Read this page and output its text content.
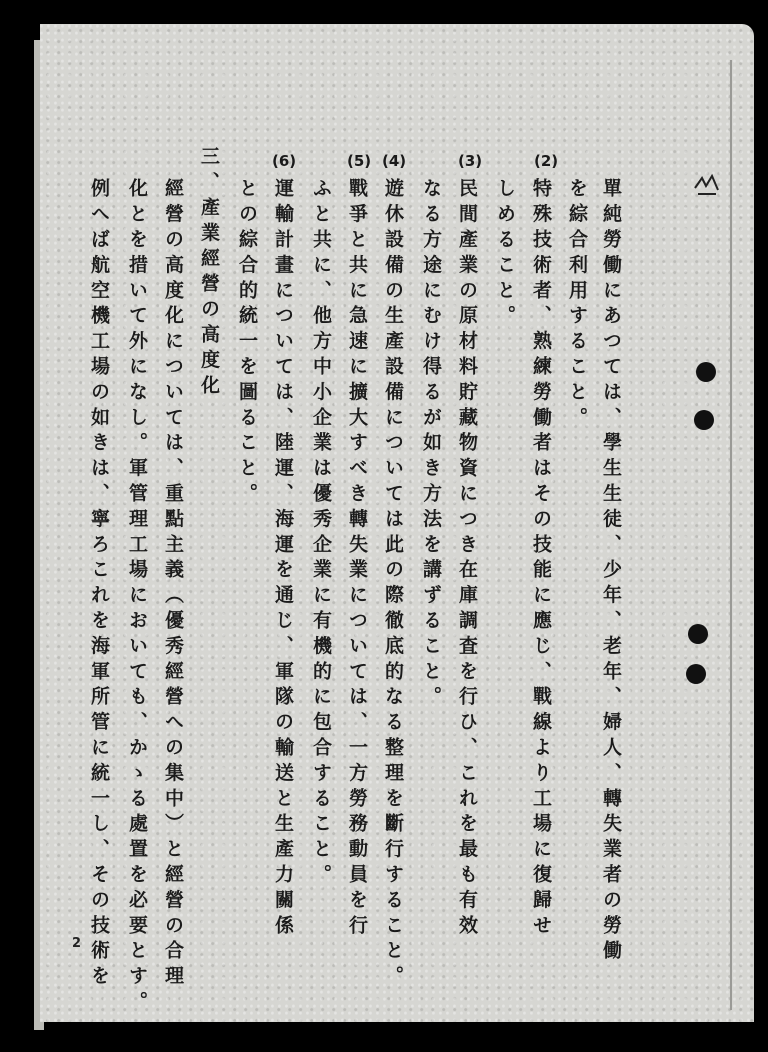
(2)
(3)
(4)
(5)
(6)
單純勞働にあつては、學生生徒、少年、老年、婦人、轉失業者の勞働
を綜合利用すること。
特殊技術者、熟練勞働者はその技能に應じ、戰線より工場に復歸せ
しめること。
民間產業の原材料貯藏物資につき在庫調査を行ひ、これを最も有效
なる方途にむけ得るが如き方法を講ずること。
遊休設備の生產設備については此の際徹底的なる整理を斷行すること。
戰爭と共に急速に擴大すべき轉失業については、一方勞務動員を行
ふと共に、他方中小企業は優秀企業に有機的に包合すること。
運輸計畫については、陸運、海運を通じ、軍隊の輸送と生產力關係
との綜合的統一を圖ること。
三、產業經營の高度化
經營の高度化については、重點主義（優秀經營への集中）と經營の合理
化とを措いて外になし。軍管理工場においても、かゝる處置を必要とす。
例へば航空機工場の如きは、寧ろこれを海軍所管に統一し、その技術を
2
